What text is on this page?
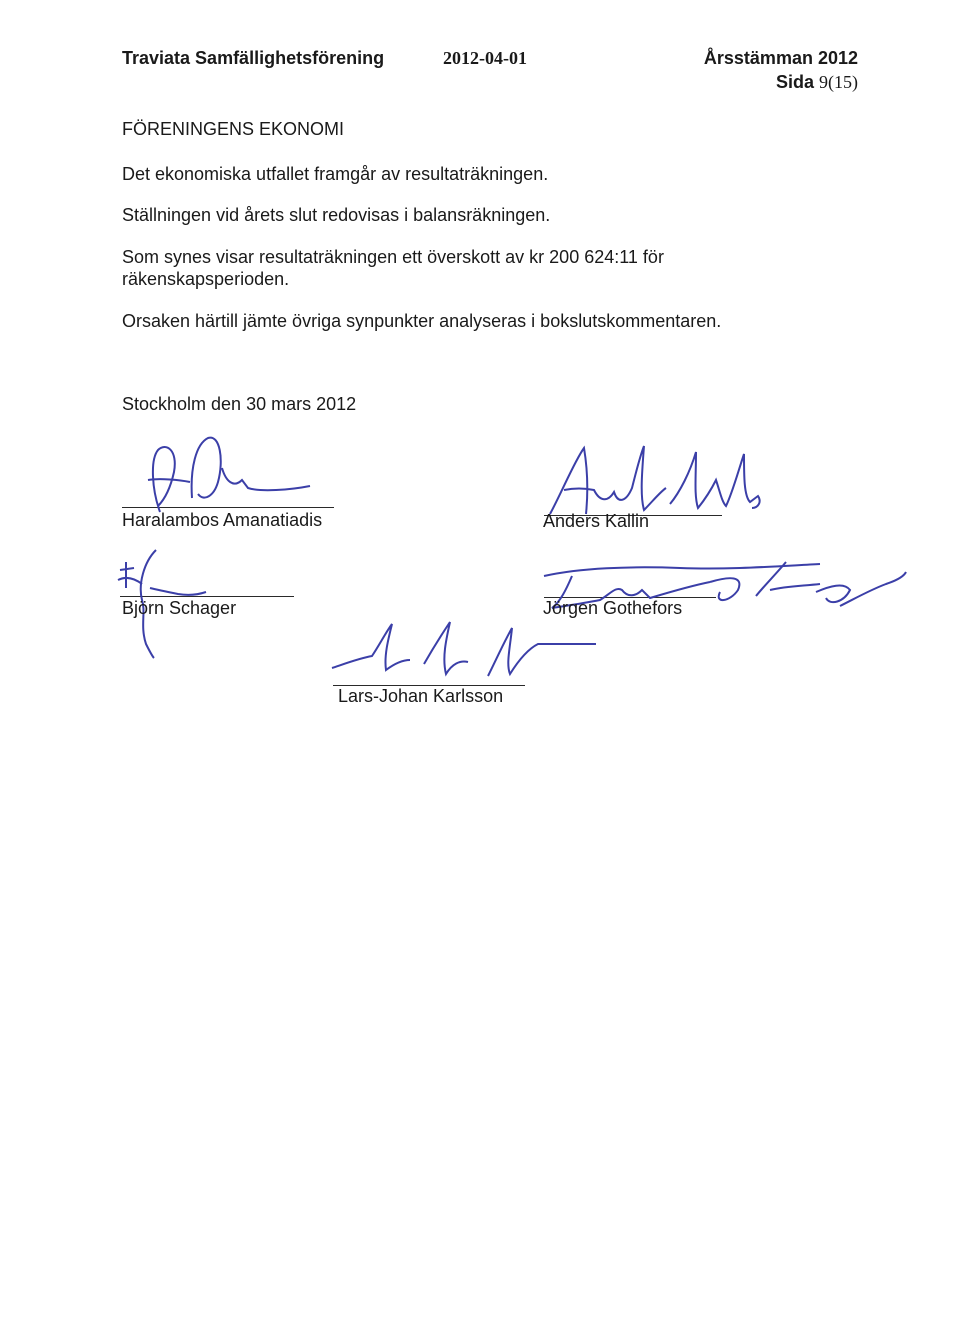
Traviata Samfällighetsförening	2012-04-01	Årsstämman 2012
Sida 9(15)
FÖRENINGENS EKONOMI
Det ekonomiska utfallet framgår av resultaträkningen.
Ställningen vid årets slut redovisas i balansräkningen.
Som synes visar resultaträkningen ett överskott av kr 200 624:11 för räkenskapsperioden.
Orsaken härtill jämte övriga synpunkter analyseras i bokslutskommentaren.
Stockholm den 30 mars 2012
Haralambos Amanatiadis	Anders Kallin
Björn Schager	Jörgen Gothefors
Lars-Johan Karlsson
